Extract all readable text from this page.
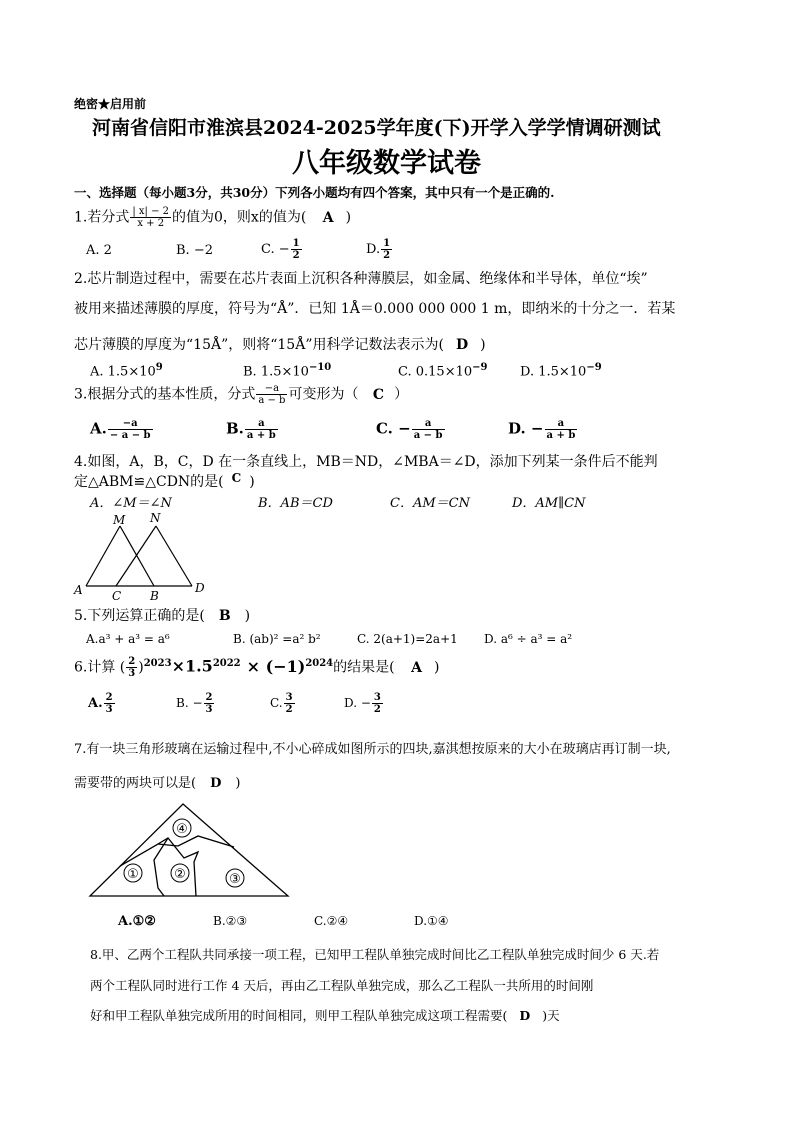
绝密★启用前
河南省信阳市淮滨县2024-2025学年度(下)开学入学学情调研测试
八年级数学试卷
一、选择题（每小题3分，共30分）下列各小题均有四个答案，其中只有一个是正确的.
1.若分式 $\frac{| x| - 2}{x + 2}$ 的值为0，则x的值为( A )
A. 2	B. −2	C. − $\frac{1}{2}$	D. $\frac{1}{2}$
2.芯片制造过程中，需要在芯片表面上沉积各种薄膜层，如金属、绝缘体和半导体，单位“埃”
被用来描述薄膜的厚度，符号为“Å”．已知 1Å＝0.000 000 000 1 m，即纳米的十分之一．若某
芯片薄膜的厚度为“15Å”，则将“15Å”用科学记数法表示为( D )
A. $1.5\times 10^9$	B. $1.5\times 10^{-10}$	C. $0.15\times 10^{-9}$	D. $1.5\times 10^{-9}$
3.根据分式的基本性质，分式 $\frac{-a}{a - b}$ 可变形为（ C ）
A. $\frac{-a}{- a - b}$	B. $\frac{a}{a + b}$	C. − $\frac{a}{a - b}$	D. − $\frac{a}{a + b}$
4.如图，A，B，C，D 在一条直线上，MB＝ND，∠MBA＝∠D，添加下列某一条件后不能判
定△ABM≌△CDN的是( C )
A．∠M＝∠N	B．AB＝CD	C．AM＝CN	D．AM∥CN
M N
A C B
D
5.下列运算正确的是( B )
A.a³ + a³ = a⁶	B. (ab)² =a² b²	C. 2(a+1)=2a+1 D. a⁶ ÷ a³ = a²
6.计算 ( $\frac{2}{3} )^{2023}\times 1.5^{2022} \times (-1)^{2024}$的结果是( A )
A. $\frac{2}{3}$	B. − $\frac{2}{3}$	C. $\frac{3}{2}$	D. − $\frac{3}{2}$
7.有一块三角形玻璃在运输过程中,不小心碎成如图所示的四块,嘉淇想按原来的大小在玻璃店再订制一块,
需要带的两块可以是( D )
④
①	②	③
A.①②	B.②③	C.②④	D.①④
8.甲、乙两个工程队共同承接一项工程，已知甲工程队单独完成时间比乙工程队单独完成时间少 6 天.若
两个工程队同时进行工作 4 天后，再由乙工程队单独完成，那么乙工程队一共所用的时间刚
好和甲工程队单独完成所用的时间相同，则甲工程队单独完成这项工程需要( D )天
